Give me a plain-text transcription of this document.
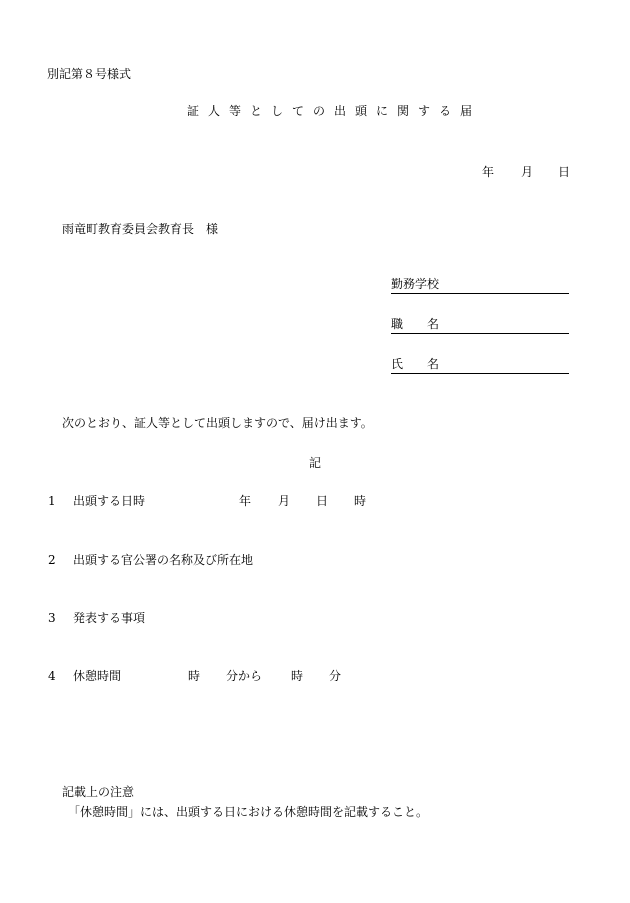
別記第８号様式
証人等としての出頭に関する届
年 月 日
雨竜町教育委員会教育長　様
勤務学校
職名
氏名
次のとおり、証人等として出頭しますので、届け出ます。
記
1 出頭する日時	年 月 日 時
2 出頭する官公署の名称及び所在地
3 発表する事項
4 休憩時間	時 分から 時 分
記載上の注意
「休憩時間」には、出頭する日における休憩時間を記載すること。
